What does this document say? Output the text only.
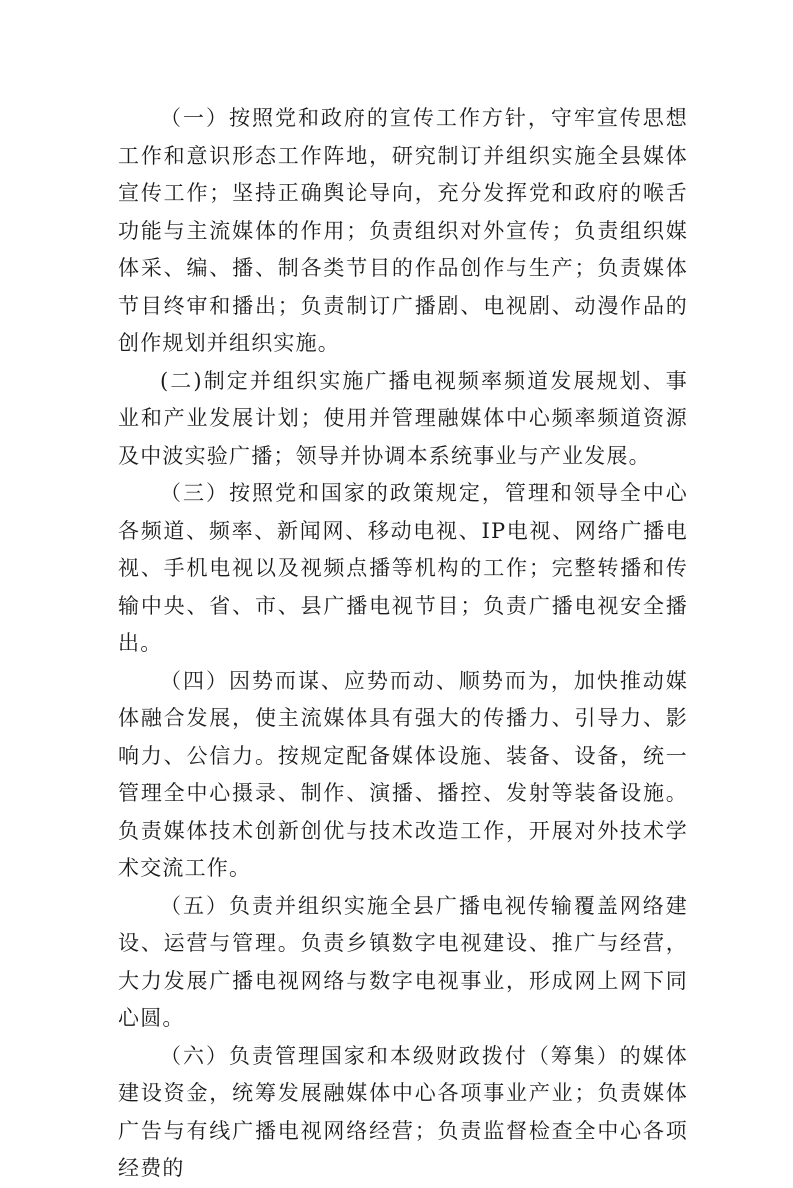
（一）按照党和政府的宣传工作方针，守牢宣传思想工作和意识形态工作阵地，研究制订并组织实施全县媒体宣传工作；坚持正确舆论导向，充分发挥党和政府的喉舌功能与主流媒体的作用；负责组织对外宣传；负责组织媒体采、编、播、制各类节目的作品创作与生产；负责媒体节目终审和播出；负责制订广播剧、电视剧、动漫作品的创作规划并组织实施。

(二)制定并组织实施广播电视频率频道发展规划、事业和产业发展计划；使用并管理融媒体中心频率频道资源及中波实验广播；领导并协调本系统事业与产业发展。

（三）按照党和国家的政策规定，管理和领导全中心各频道、频率、新闻网、移动电视、IP电视、网络广播电视、手机电视以及视频点播等机构的工作；完整转播和传输中央、省、市、县广播电视节目；负责广播电视安全播出。

（四）因势而谋、应势而动、顺势而为，加快推动媒体融合发展，使主流媒体具有强大的传播力、引导力、影响力、公信力。按规定配备媒体设施、装备、设备，统一管理全中心摄录、制作、演播、播控、发射等装备设施。负责媒体技术创新创优与技术改造工作，开展对外技术学术交流工作。

（五）负责并组织实施全县广播电视传输覆盖网络建设、运营与管理。负责乡镇数字电视建设、推广与经营，大力发展广播电视网络与数字电视事业，形成网上网下同心圆。

（六）负责管理国家和本级财政拨付（筹集）的媒体建设资金，统筹发展融媒体中心各项事业产业；负责媒体广告与有线广播电视网络经营；负责监督检查全中心各项经费的
